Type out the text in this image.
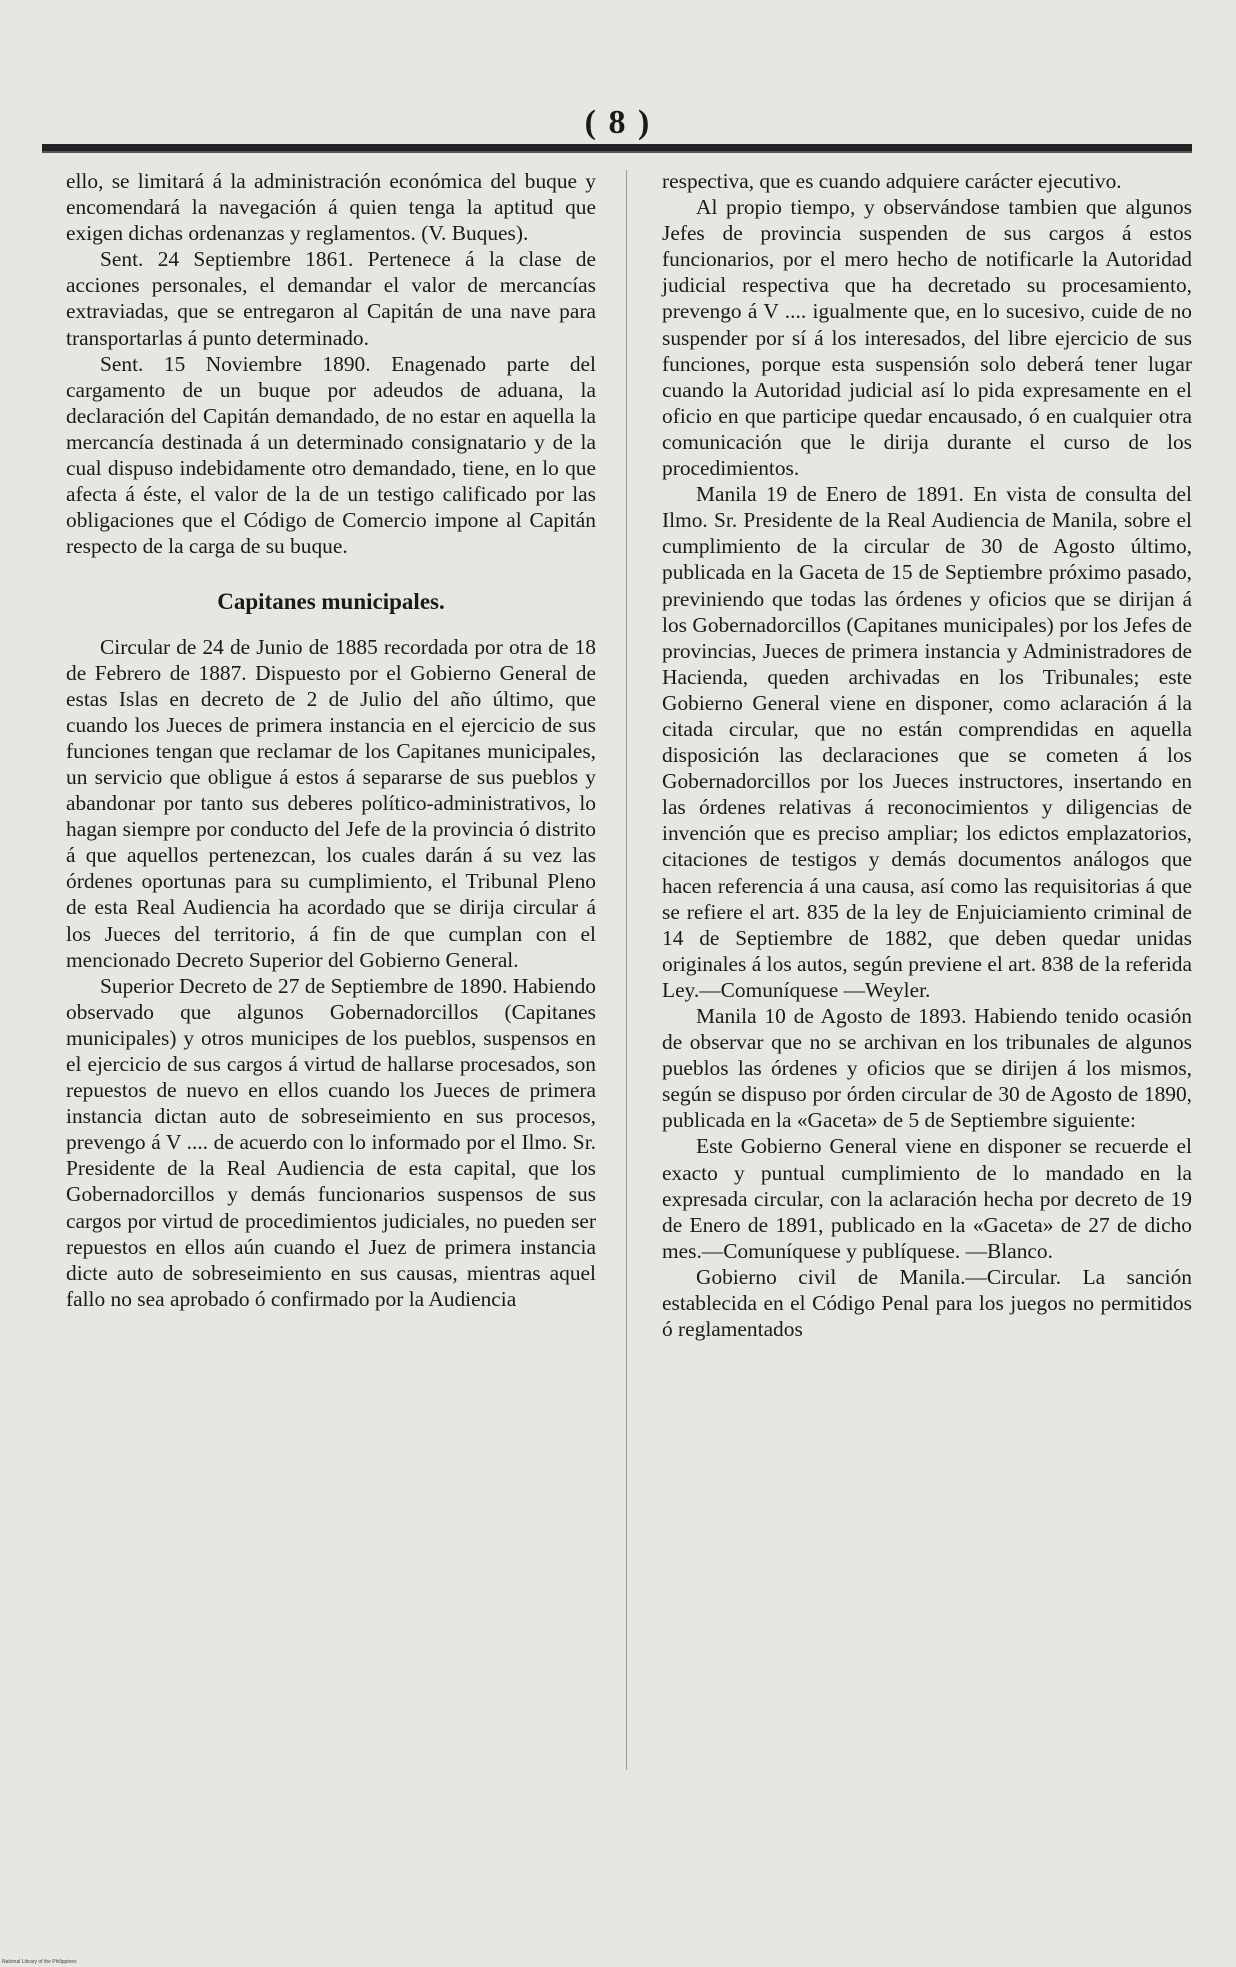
( 8 )

ello, se limitará á la administración económica del buque y encomendará la navegación á quien tenga la aptitud que exigen dichas ordenanzas y reglamentos. (V. Buques).

Sent. 24 Septiembre 1861. Pertenece á la clase de acciones personales, el demandar el valor de mercancías extraviadas, que se entregaron al Capitán de una nave para transportarlas á punto determinado.

Sent. 15 Noviembre 1890. Enagenado parte del cargamento de un buque por adeudos de aduana, la declaración del Capitán demandado, de no estar en aquella la mercancía destinada á un determinado consignatario y de la cual dispuso indebidamente otro demandado, tiene, en lo que afecta á éste, el valor de la de un testigo calificado por las obligaciones que el Código de Comercio impone al Capitán respecto de la carga de su buque.

Capitanes municipales.

Circular de 24 de Junio de 1885 recordada por otra de 18 de Febrero de 1887. Dispuesto por el Gobierno General de estas Islas en decreto de 2 de Julio del año último, que cuando los Jueces de primera instancia en el ejercicio de sus funciones tengan que reclamar de los Capitanes municipales, un servicio que obligue á estos á separarse de sus pueblos y abandonar por tanto sus deberes político-administrativos, lo hagan siempre por conducto del Jefe de la provincia ó distrito á que aquellos pertenezcan, los cuales darán á su vez las órdenes oportunas para su cumplimiento, el Tribunal Pleno de esta Real Audiencia ha acordado que se dirija circular á los Jueces del territorio, á fin de que cumplan con el mencionado Decreto Superior del Gobierno General.

Superior Decreto de 27 de Septiembre de 1890. Habiendo observado que algunos Gobernadorcillos (Capitanes municipales) y otros municipes de los pueblos, suspensos en el ejercicio de sus cargos á virtud de hallarse procesados, son repuestos de nuevo en ellos cuando los Jueces de primera instancia dictan auto de sobreseimiento en sus procesos, prevengo á V .... de acuerdo con lo informado por el Ilmo. Sr. Presidente de la Real Audiencia de esta capital, que los Gobernadorcillos y demás funcionarios suspensos de sus cargos por virtud de procedimientos judiciales, no pueden ser repuestos en ellos aún cuando el Juez de primera instancia dicte auto de sobreseimiento en sus causas, mientras aquel fallo no sea aprobado ó confirmado por la Audiencia

respectiva, que es cuando adquiere carácter ejecutivo.

Al propio tiempo, y observándose tambien que algunos Jefes de provincia suspenden de sus cargos á estos funcionarios, por el mero hecho de notificarle la Autoridad judicial respectiva que ha decretado su procesamiento, prevengo á V .... igualmente que, en lo sucesivo, cuide de no suspender por sí á los interesados, del libre ejercicio de sus funciones, porque esta suspensión solo deberá tener lugar cuando la Autoridad judicial así lo pida expresamente en el oficio en que participe quedar encausado, ó en cualquier otra comunicación que le dirija durante el curso de los procedimientos.

Manila 19 de Enero de 1891. En vista de consulta del Ilmo. Sr. Presidente de la Real Audiencia de Manila, sobre el cumplimiento de la circular de 30 de Agosto último, publicada en la Gaceta de 15 de Septiembre próximo pasado, previniendo que todas las órdenes y oficios que se dirijan á los Gobernadorcillos (Capitanes municipales) por los Jefes de provincias, Jueces de primera instancia y Administradores de Hacienda, queden archivadas en los Tribunales; este Gobierno General viene en disponer, como aclaración á la citada circular, que no están comprendidas en aquella disposición las declaraciones que se cometen á los Gobernadorcillos por los Jueces instructores, insertando en las órdenes relativas á reconocimientos y diligencias de invención que es preciso ampliar; los edictos emplazatorios, citaciones de testigos y demás documentos análogos que hacen referencia á una causa, así como las requisitorias á que se refiere el art. 835 de la ley de Enjuiciamiento criminal de 14 de Septiembre de 1882, que deben quedar unidas originales á los autos, según previene el art. 838 de la referida Ley.—Comuníquese —Weyler.

Manila 10 de Agosto de 1893. Habiendo tenido ocasión de observar que no se archivan en los tribunales de algunos pueblos las órdenes y oficios que se dirijen á los mismos, según se dispuso por órden circular de 30 de Agosto de 1890, publicada en la «Gaceta» de 5 de Septiembre siguiente:

Este Gobierno General viene en disponer se recuerde el exacto y puntual cumplimiento de lo mandado en la expresada circular, con la aclaración hecha por decreto de 19 de Enero de 1891, publicado en la «Gaceta» de 27 de dicho mes.—Comuníquese y publíquese. —Blanco.

Gobierno civil de Manila.—Circular. La sanción establecida en el Código Penal para los juegos no permitidos ó reglamentados

National Library of the Philippines
